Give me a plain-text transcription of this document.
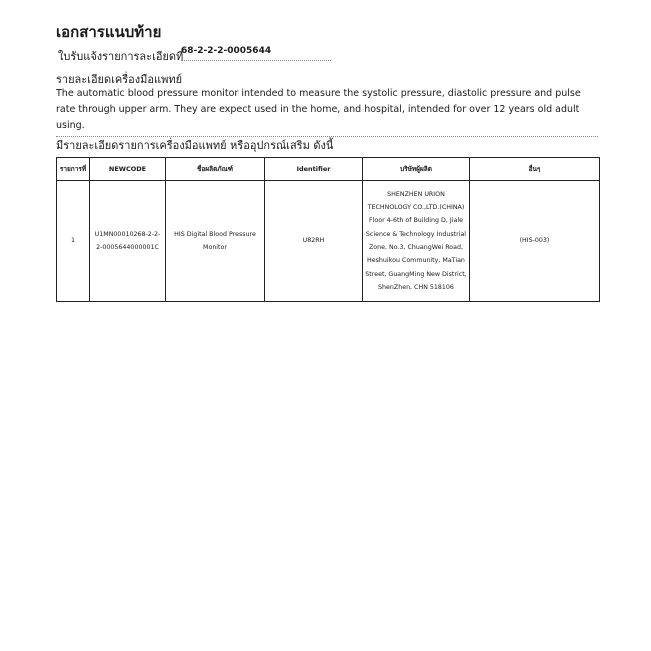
เอกสารแนบท้าย
ใบรับแจ้งรายการละเอียดที่
68-2-2-2-0005644
รายละเอียดเครื่องมือแพทย์
The automatic blood pressure monitor intended to measure the systolic pressure, diastolic pressure and pulse rate through upper arm. They are expect used in the home, and hospital, intended for over 12 years old adult using.
มีรายละเอียดรายการเครื่องมือแพทย์ หรืออุปกรณ์เสริม ดังนี้
รายการที่	NEWCODE	ชื่อผลิตภัณฑ์	Identifier	บริษัทผู้ผลิต	อื่นๆ
1	U1MN00010268-2-2-2-0005644000001C	HIS Digital Blood Pressure Monitor	U82RH	SHENZHEN URION TECHNOLOGY CO.,LTD.(CHINA) Floor 4-6th of Building D, Jiale Science & Technology Industrial Zone, No.3, ChuangWei Road, Heshuikou Community, MaTian Street, GuangMing New District, ShenZhen, CHN 518106	(HIS-003)
